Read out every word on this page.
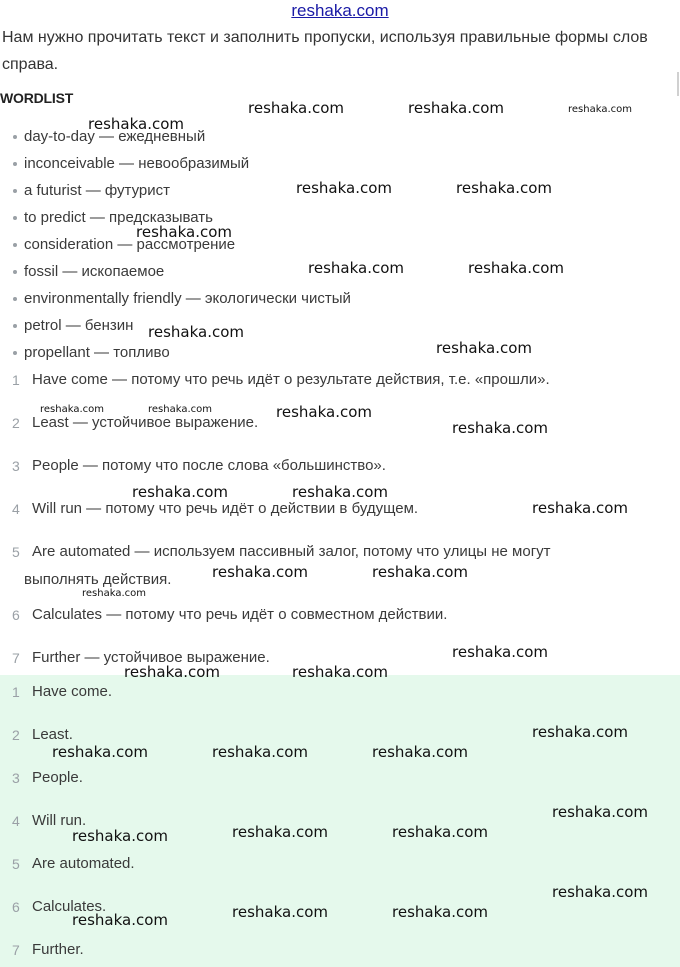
reshaka.com
Нам нужно прочитать текст и заполнить пропуски, используя правильные формы слов справа.
WORDLIST
day-to-day — ежедневный
inconceivable — невообразимый
a futurist — футурист
to predict — предсказывать
consideration — рассмотрение
fossil — ископаемое
environmentally friendly — экологически чистый
petrol — бензин
propellant — топливо
1 Have come — потому что речь идёт о результате действия, т.е. «прошли».
2 Least — устойчивое выражение.
3 People — потому что после слова «большинство».
4 Will run — потому что речь идёт о действии в будущем.
5 Are automated — используем пассивный залог, потому что улицы не могут
выполнять действия.
6 Calculates — потому что речь идёт о совместном действии.
7 Further — устойчивое выражение.
1 Have come.
2 Least.
3 People.
4 Will run.
5 Are automated.
6 Calculates.
7 Further.
reshaka.com	reshaka.com	reshaka.com
reshaka.com
reshaka.com	reshaka.com
reshaka.com
reshaka.com	reshaka.com
reshaka.com
reshaka.com
reshaka.com	reshaka.com	reshaka.com
reshaka.com
reshaka.com	reshaka.com
reshaka.com
reshaka.com	reshaka.com
reshaka.com
reshaka.com
reshaka.com	reshaka.com
reshaka.com
reshaka.com	reshaka.com	reshaka.com
reshaka.com
reshaka.com	reshaka.com
reshaka.com
reshaka.com
reshaka.com	reshaka.com
reshaka.com
